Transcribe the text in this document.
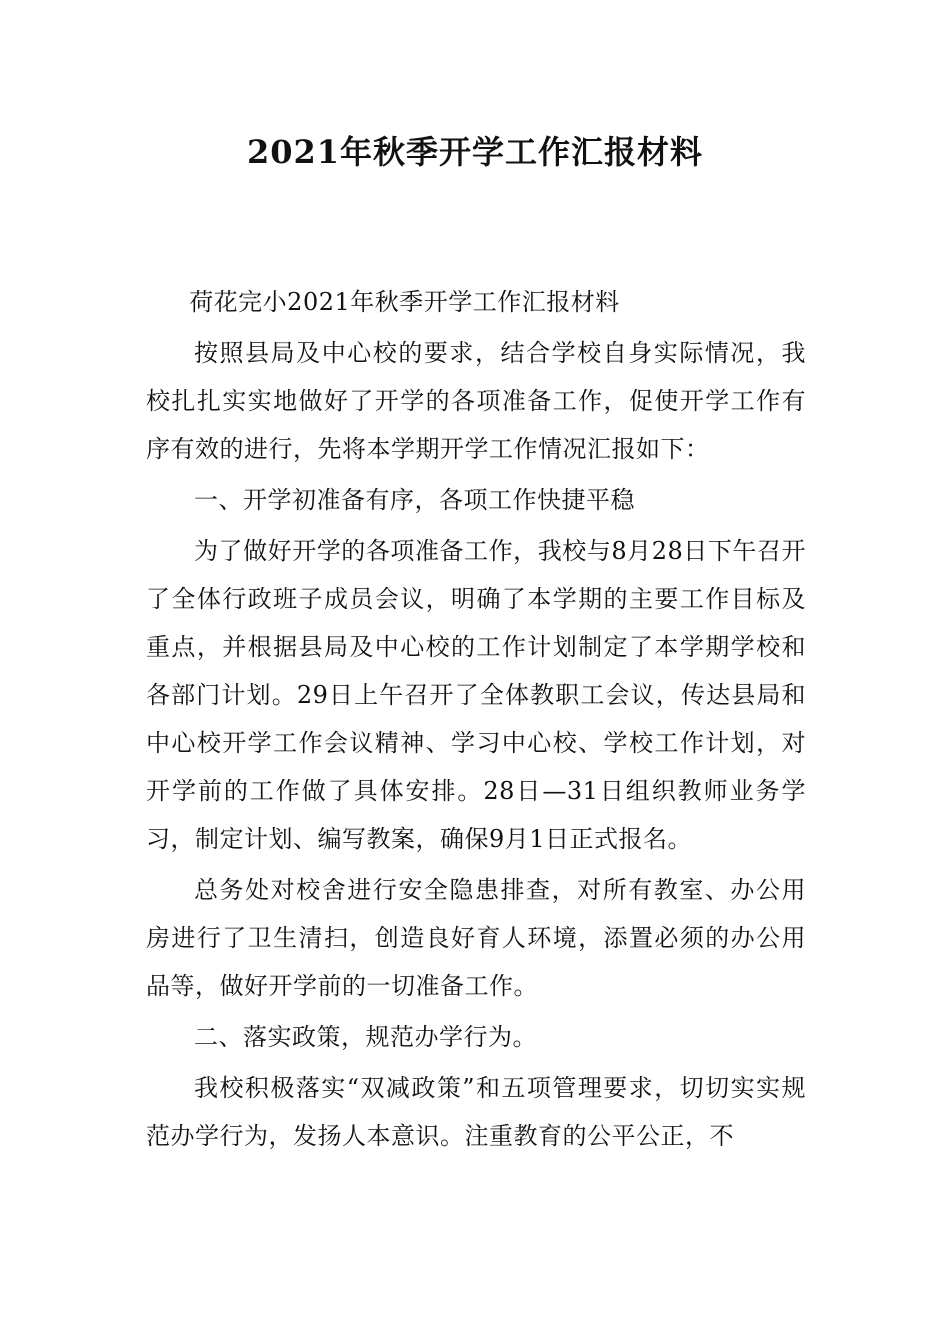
2021年秋季开学工作汇报材料

荷花完小2021年秋季开学工作汇报材料

按照县局及中心校的要求，结合学校自身实际情况，我校扎扎实实地做好了开学的各项准备工作，促使开学工作有序有效的进行，先将本学期开学工作情况汇报如下：

一、开学初准备有序，各项工作快捷平稳

为了做好开学的各项准备工作，我校与8月28日下午召开了全体行政班子成员会议，明确了本学期的主要工作目标及重点，并根据县局及中心校的工作计划制定了本学期学校和各部门计划。29日上午召开了全体教职工会议，传达县局和中心校开学工作会议精神、学习中心校、学校工作计划，对开学前的工作做了具体安排。28日—31日组织教师业务学习，制定计划、编写教案，确保9月1日正式报名。

总务处对校舍进行安全隐患排查，对所有教室、办公用房进行了卫生清扫，创造良好育人环境，添置必须的办公用品等，做好开学前的一切准备工作。

二、落实政策，规范办学行为。

我校积极落实“双减政策”和五项管理要求，切切实实规范办学行为，发扬人本意识。注重教育的公平公正，不
